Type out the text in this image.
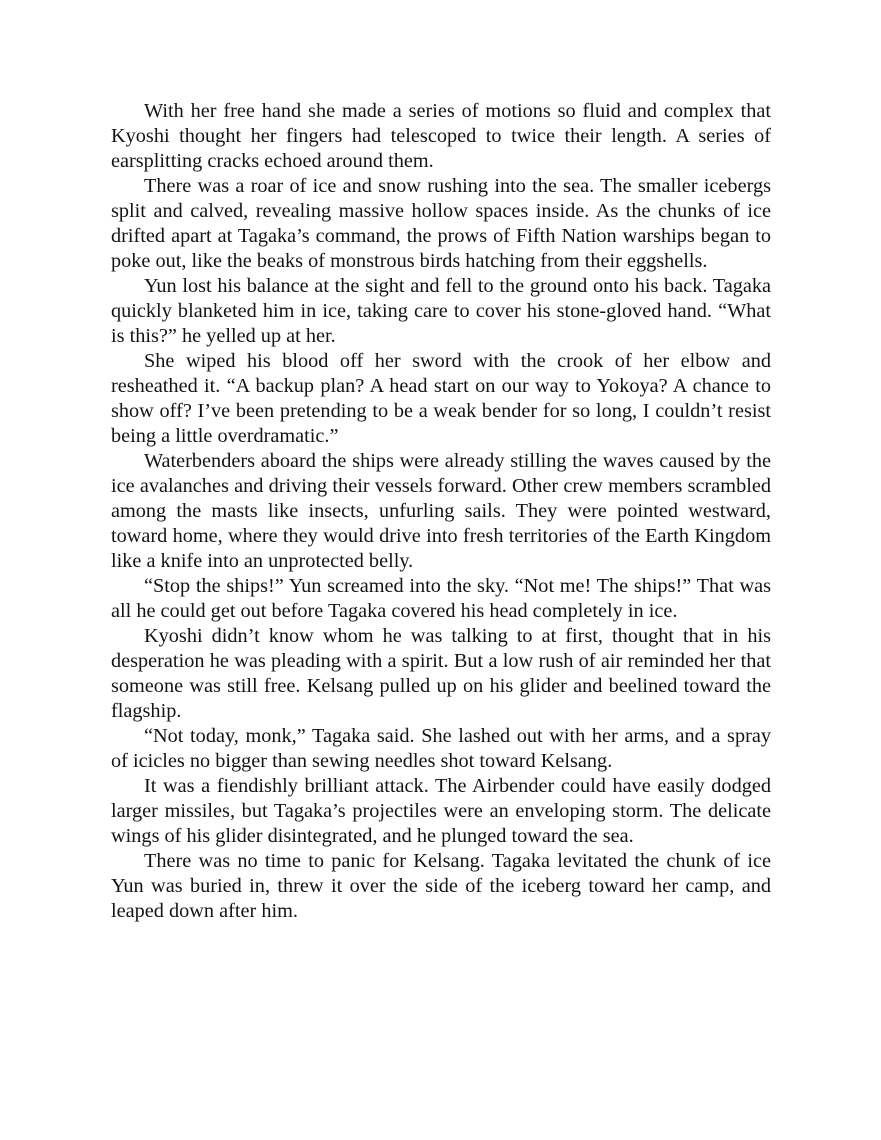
With her free hand she made a series of motions so fluid and complex that Kyoshi thought her fingers had telescoped to twice their length. A series of earsplitting cracks echoed around them.

There was a roar of ice and snow rushing into the sea. The smaller icebergs split and calved, revealing massive hollow spaces inside. As the chunks of ice drifted apart at Tagaka’s command, the prows of Fifth Nation warships began to poke out, like the beaks of monstrous birds hatching from their eggshells.

Yun lost his balance at the sight and fell to the ground onto his back. Tagaka quickly blanketed him in ice, taking care to cover his stone-gloved hand. “What is this?” he yelled up at her.

She wiped his blood off her sword with the crook of her elbow and resheathed it. “A backup plan? A head start on our way to Yokoya? A chance to show off? I’ve been pretending to be a weak bender for so long, I couldn’t resist being a little overdramatic.”

Waterbenders aboard the ships were already stilling the waves caused by the ice avalanches and driving their vessels forward. Other crew members scrambled among the masts like insects, unfurling sails. They were pointed westward, toward home, where they would drive into fresh territories of the Earth Kingdom like a knife into an unprotected belly.

“Stop the ships!” Yun screamed into the sky. “Not me! The ships!” That was all he could get out before Tagaka covered his head completely in ice.

Kyoshi didn’t know whom he was talking to at first, thought that in his desperation he was pleading with a spirit. But a low rush of air reminded her that someone was still free. Kelsang pulled up on his glider and beelined toward the flagship.

“Not today, monk,” Tagaka said. She lashed out with her arms, and a spray of icicles no bigger than sewing needles shot toward Kelsang.

It was a fiendishly brilliant attack. The Airbender could have easily dodged larger missiles, but Tagaka’s projectiles were an enveloping storm. The delicate wings of his glider disintegrated, and he plunged toward the sea.

There was no time to panic for Kelsang. Tagaka levitated the chunk of ice Yun was buried in, threw it over the side of the iceberg toward her camp, and leaped down after him.
